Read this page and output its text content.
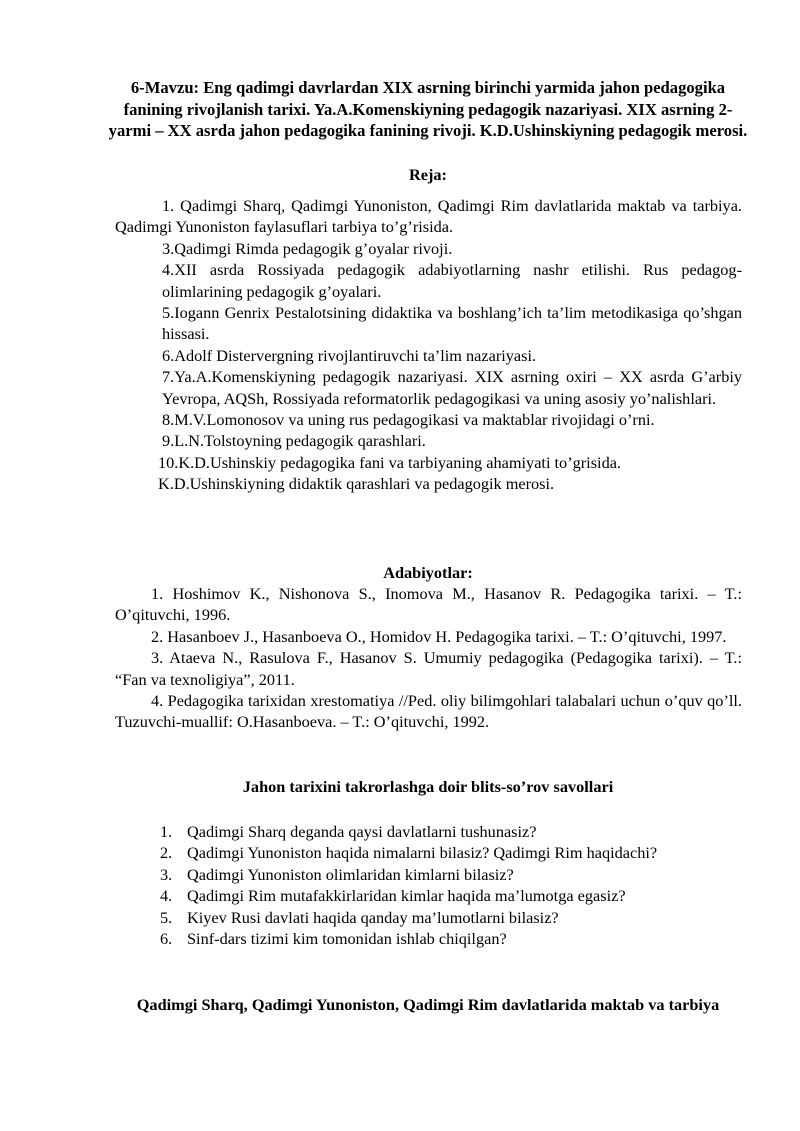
6-Mavzu: Eng qadimgi davrlardan XIX asrning birinchi yarmida jahon pedagogika fanining rivojlanish tarixi. Ya.A.Komenskiyning pedagogik nazariyasi. XIX asrning 2-yarmi – XX asrda jahon pedagogika fanining rivoji. K.D.Ushinskiyning pedagogik merosi.
Reja:
1. Qadimgi Sharq, Qadimgi Yunoniston, Qadimgi Rim davlatlarida maktab va tarbiya. Qadimgi Yunoniston faylasuflari tarbiya to’g’risida.
3.Qadimgi Rimda pedagogik g’oyalar rivoji.
4.XII asrda Rossiyada pedagogik adabiyotlarning nashr etilishi. Rus pedagog-olimlarining pedagogik g’oyalari.
5.Iogann Genrix Pestalotsining didaktika va boshlang’ich ta’lim metodikasiga qo’shgan hissasi.
6.Adolf Distervergning rivojlantiruvchi ta’lim nazariyasi.
7.Ya.A.Komenskiyning pedagogik nazariyasi. XIX asrning oxiri – XX asrda G’arbiy Yevropa, AQSh, Rossiyada reformatorlik pedagogikasi va uning asosiy yo’nalishlari.
8.M.V.Lomonosov va uning rus pedagogikasi va maktablar rivojidagi o’rni.
9.L.N.Tolstoyning pedagogik qarashlari.
10.K.D.Ushinskiy pedagogika fani va tarbiyaning ahamiyati to’grisida.
K.D.Ushinskiyning didaktik qarashlari va pedagogik merosi.
Adabiyotlar:
1. Hoshimov K., Nishonova S., Inomova M., Hasanov R. Pedagogika tarixi. – T.: O’qituvchi, 1996.
2. Hasanboev J., Hasanboeva O., Homidov H. Pedagogika tarixi. – T.: O’qituvchi, 1997.
3. Ataeva N., Rasulova F., Hasanov S. Umumiy pedagogika (Pedagogika tarixi). – T.: “Fan va texnoligiya”, 2011.
4. Pedagogika tarixidan xrestomatiya //Ped. oliy bilimgohlari talabalari uchun o’quv qo’ll. Tuzuvchi-muallif: O.Hasanboeva. – T.: O’qituvchi, 1992.
Jahon tarixini takrorlashga doir blits-so’rov savollari
1. Qadimgi Sharq deganda qaysi davlatlarni tushunasiz?
2. Qadimgi Yunoniston haqida nimalarni bilasiz? Qadimgi Rim haqidachi?
3. Qadimgi Yunoniston olimlaridan kimlarni bilasiz?
4. Qadimgi Rim mutafakkirlaridan kimlar haqida ma’lumotga egasiz?
5. Kiyev Rusi davlati haqida qanday ma’lumotlarni bilasiz?
6. Sinf-dars tizimi kim tomonidan ishlab chiqilgan?
Qadimgi Sharq, Qadimgi Yunoniston, Qadimgi Rim davlatlarida maktab va tarbiya
